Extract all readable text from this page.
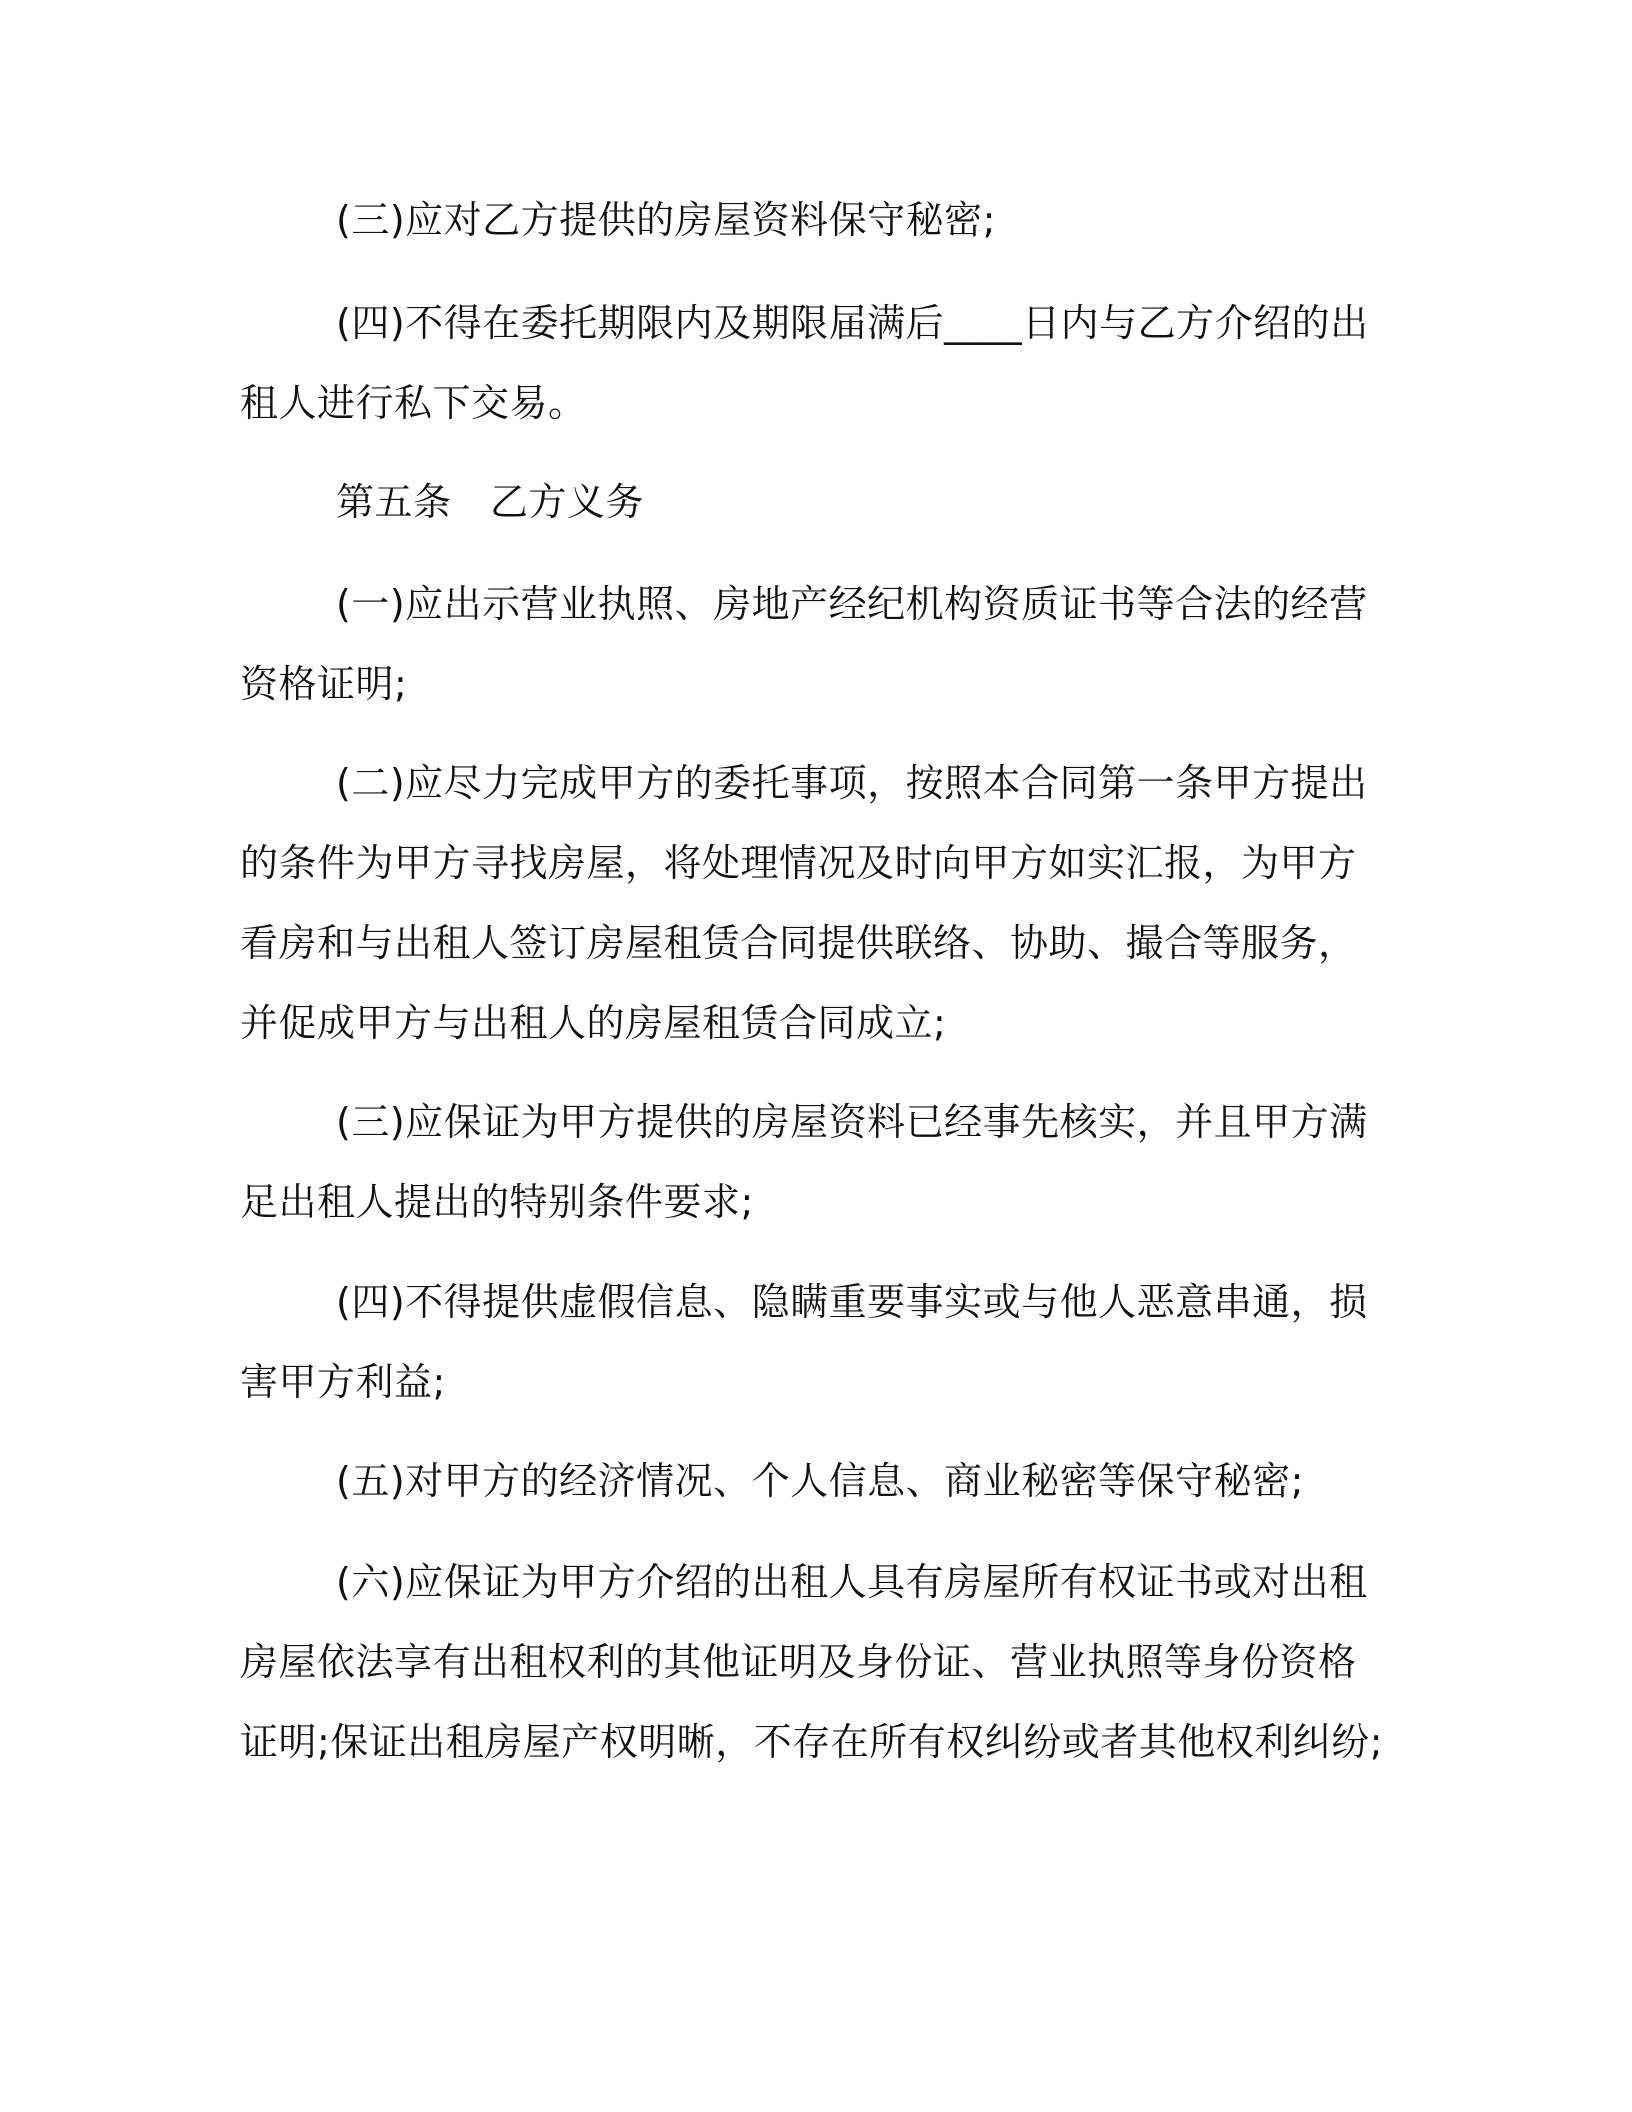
(三)应对乙方提供的房屋资料保守秘密;

(四)不得在委托期限内及期限届满后____日内与乙方介绍的出租人进行私下交易。

第五条　乙方义务

(一)应出示营业执照、房地产经纪机构资质证书等合法的经营资格证明;

(二)应尽力完成甲方的委托事项，按照本合同第一条甲方提出的条件为甲方寻找房屋，将处理情况及时向甲方如实汇报，为甲方看房和与出租人签订房屋租赁合同提供联络、协助、撮合等服务，并促成甲方与出租人的房屋租赁合同成立;

(三)应保证为甲方提供的房屋资料已经事先核实，并且甲方满足出租人提出的特别条件要求;

(四)不得提供虚假信息、隐瞒重要事实或与他人恶意串通，损害甲方利益;

(五)对甲方的经济情况、个人信息、商业秘密等保守秘密;

(六)应保证为甲方介绍的出租人具有房屋所有权证书或对出租房屋依法享有出租权利的其他证明及身份证、营业执照等身份资格证明;保证出租房屋产权明晰，不存在所有权纠纷或者其他权利纠纷;
